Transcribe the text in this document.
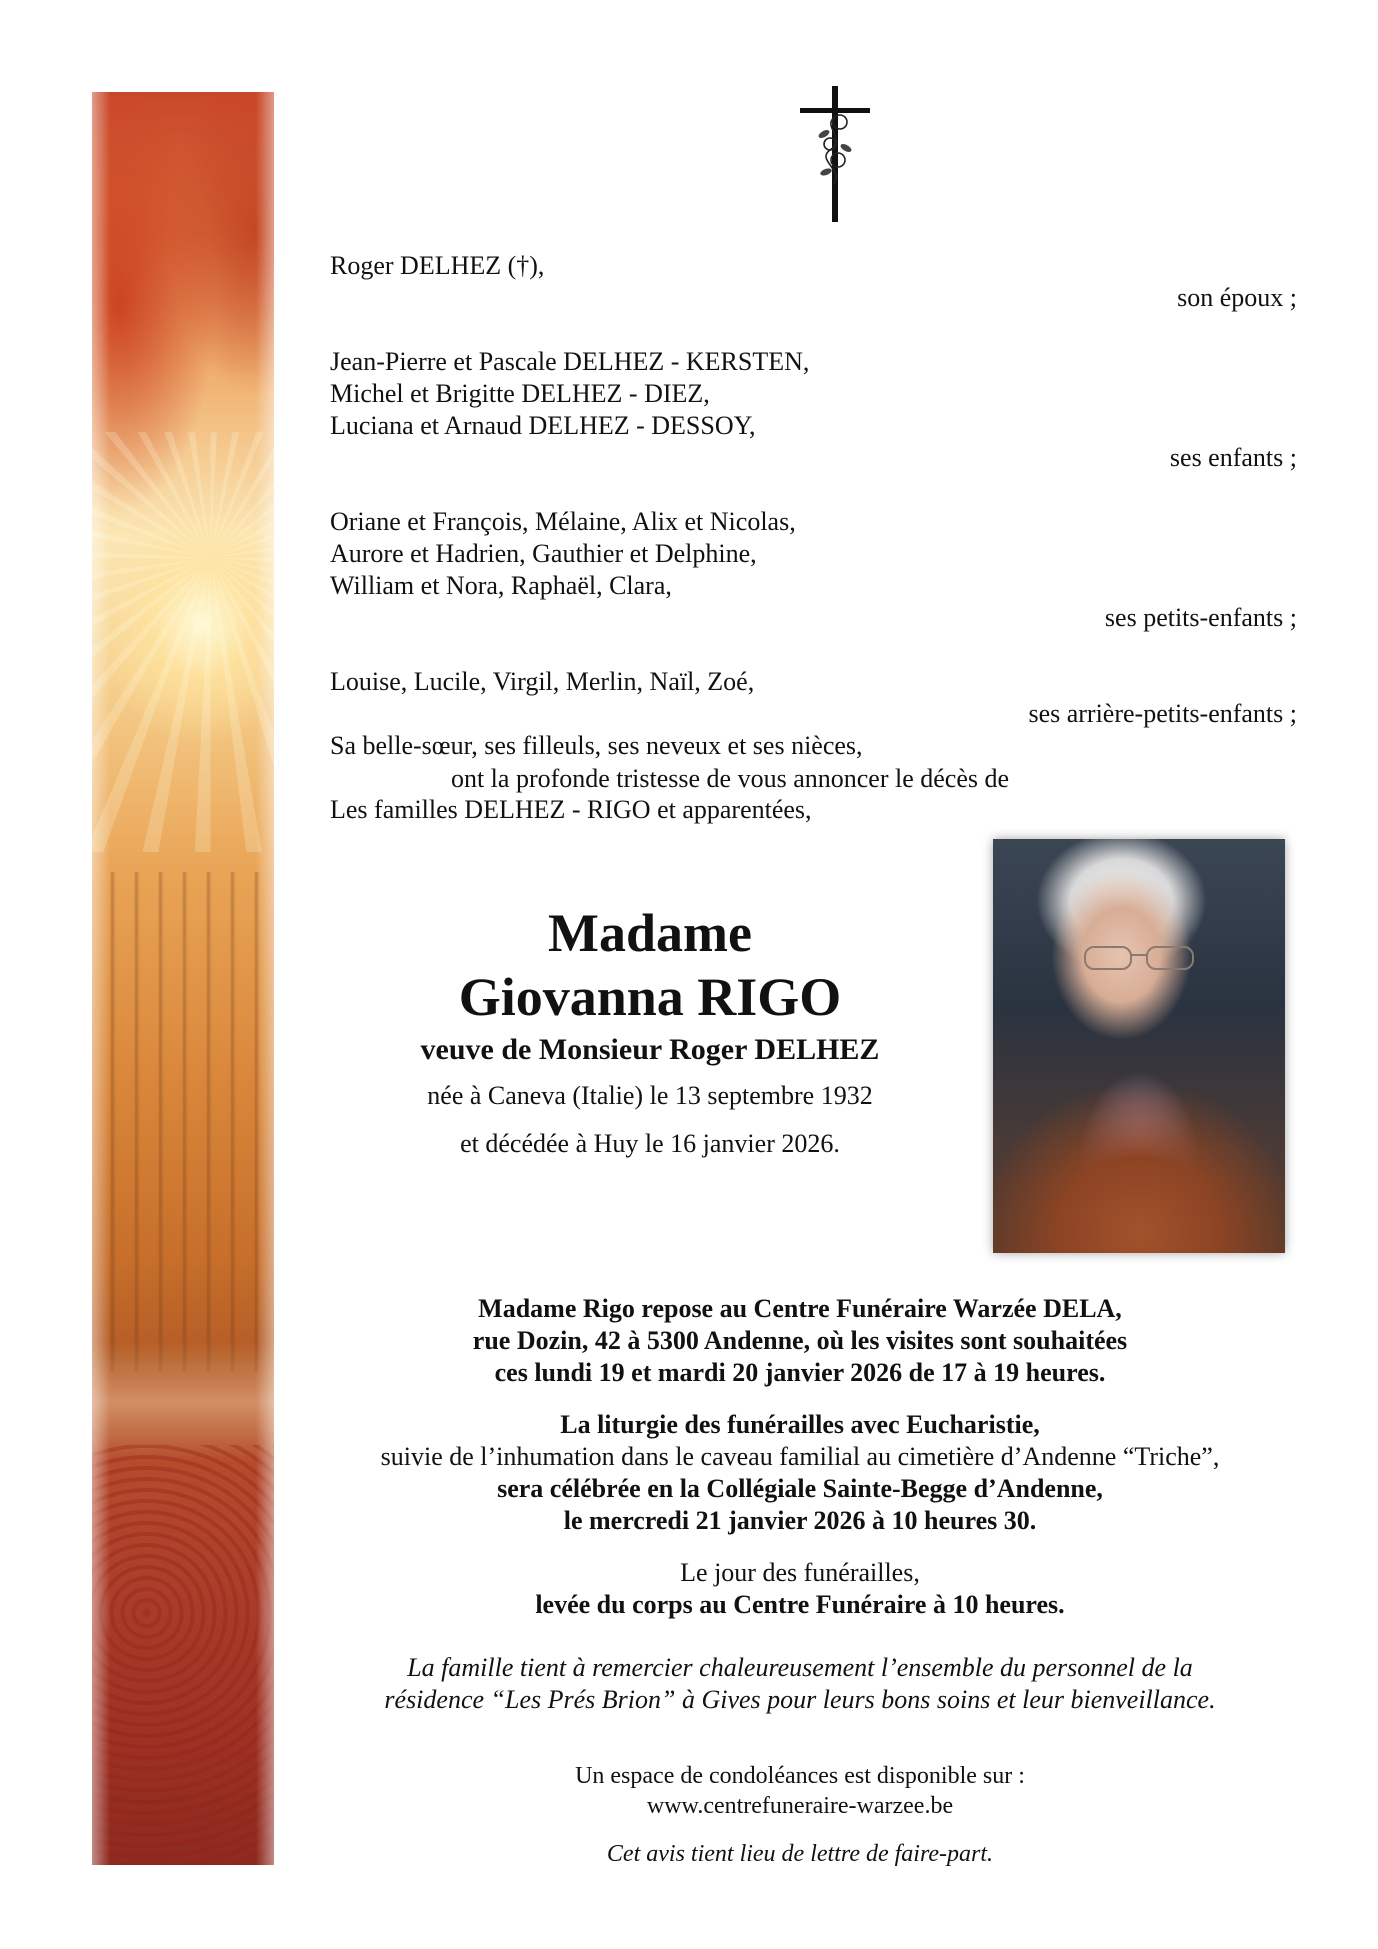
Roger DELHEZ (†),
son époux ;
Jean-Pierre et Pascale DELHEZ - KERSTEN,
Michel et Brigitte DELHEZ - DIEZ,
Luciana et Arnaud DELHEZ - DESSOY,
ses enfants ;
Oriane et François, Mélaine, Alix et Nicolas,
Aurore et Hadrien, Gauthier et Delphine,
William et Nora, Raphaël, Clara,
ses petits-enfants ;
Louise, Lucile, Virgil, Merlin, Naïl, Zoé,
ses arrière-petits-enfants ;
Sa belle-sœur, ses filleuls, ses neveux et ses nièces,
Les familles DELHEZ - RIGO et apparentées,
ont la profonde tristesse de vous annoncer le décès de
Madame
Giovanna RIGO
veuve de Monsieur Roger DELHEZ
née à Caneva (Italie) le 13 septembre 1932
et décédée à Huy le 16 janvier 2026.
Madame Rigo repose au Centre Funéraire Warzée DELA,
rue Dozin, 42 à 5300 Andenne, où les visites sont souhaitées
ces lundi 19 et mardi 20 janvier 2026 de 17 à 19 heures.
La liturgie des funérailles avec Eucharistie,
suivie de l’inhumation dans le caveau familial au cimetière d’Andenne “Triche”,
sera célébrée en la Collégiale Sainte-Begge d’Andenne,
le mercredi 21 janvier 2026 à 10 heures 30.
Le jour des funérailles,
levée du corps au Centre Funéraire à 10 heures.
La famille tient à remercier chaleureusement l’ensemble du personnel de la
résidence “Les Prés Brion” à Gives pour leurs bons soins et leur bienveillance.
Un espace de condoléances est disponible sur :
www.centrefuneraire-warzee.be
Cet avis tient lieu de lettre de faire-part.
